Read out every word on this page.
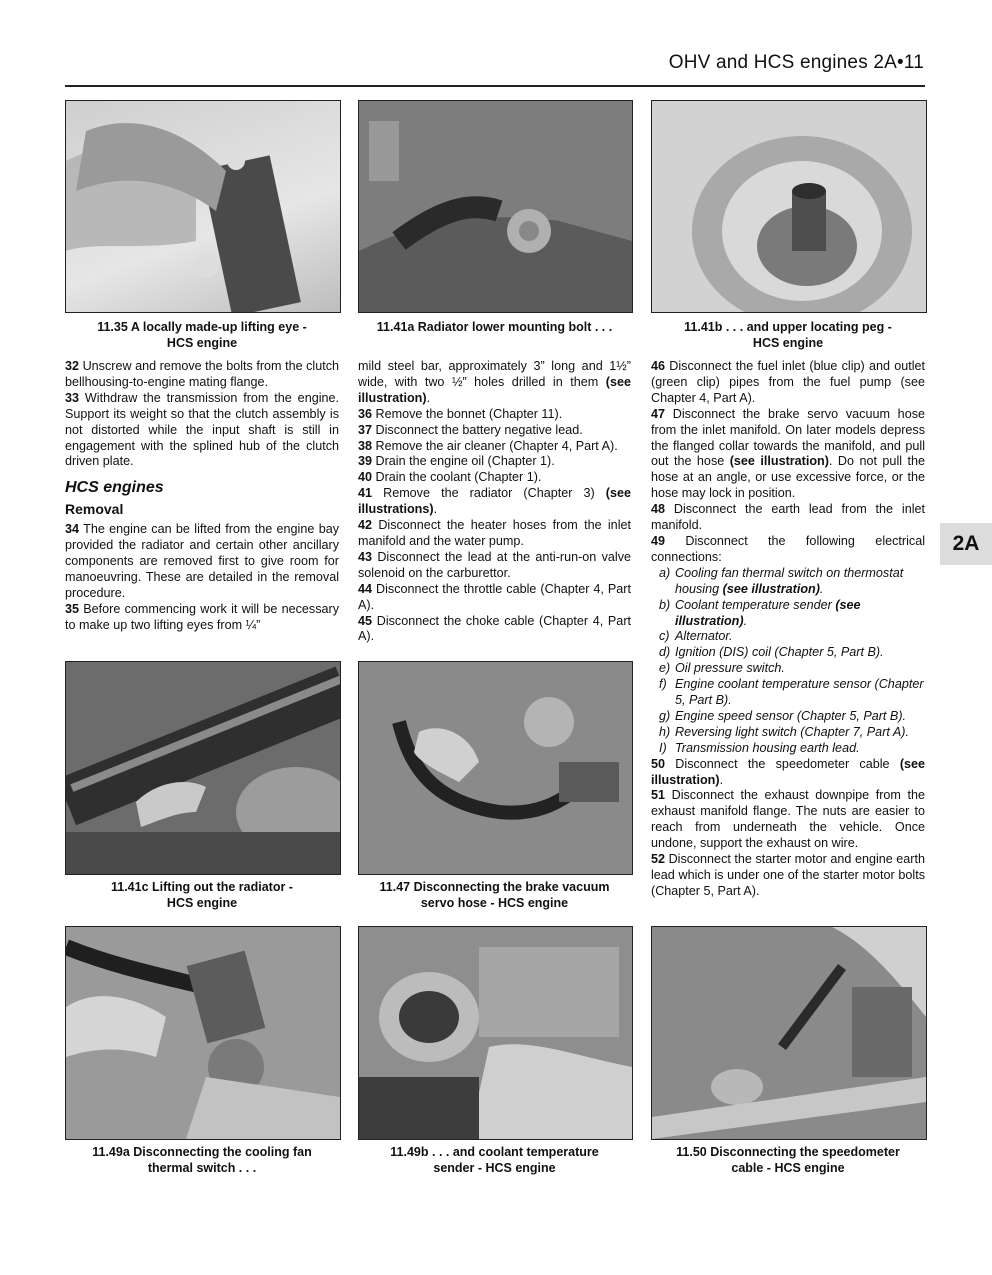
OHV and HCS engines 2A•11
2A
11.35 A locally made-up lifting eye -
HCS engine
11.41a Radiator lower mounting bolt . . .	11.41b . . . and upper locating peg -
HCS engine

32 Unscrew and remove the bolts from the clutch bellhousing-to-engine mating flange.

33 Withdraw the transmission from the engine. Support its weight so that the clutch assembly is not distorted while the input shaft is still in engagement with the splined hub of the clutch driven plate.

HCS engines
Removal

34 The engine can be lifted from the engine bay provided the radiator and certain other ancillary components are removed first to give room for manoeuvring. These are detailed in the removal procedure.

35 Before commencing work it will be necessary to make up two lifting eyes from ¼”

mild steel bar, approximately 3” long and 1½” wide, with two ½” holes drilled in them (see illustration).

36 Remove the bonnet (Chapter 11).

37 Disconnect the battery negative lead.

38 Remove the air cleaner (Chapter 4, Part A).

39 Drain the engine oil (Chapter 1).

40 Drain the coolant (Chapter 1).

41 Remove the radiator (Chapter 3) (see illustrations).

42 Disconnect the heater hoses from the inlet manifold and the water pump.

43 Disconnect the lead at the anti-run-on valve solenoid on the carburettor.

44 Disconnect the throttle cable (Chapter 4, Part A).

45 Disconnect the choke cable (Chapter 4, Part A).

46 Disconnect the fuel inlet (blue clip) and outlet (green clip) pipes from the fuel pump (see Chapter 4, Part A).

47 Disconnect the brake servo vacuum hose from the inlet manifold. On later models depress the flanged collar towards the manifold, and pull out the hose (see illustration). Do not pull the hose at an angle, or use excessive force, or the hose may lock in position.

48 Disconnect the earth lead from the inlet manifold.

49 Disconnect the following electrical connections:

a) Cooling fan thermal switch on thermostat housing (see illustration).
b) Coolant temperature sender (see illustration).
c) Alternator.
d) Ignition (DIS) coil (Chapter 5, Part B).
e) Oil pressure switch.
f) Engine coolant temperature sensor (Chapter 5, Part B).
g) Engine speed sensor (Chapter 5, Part B).
h) Reversing light switch (Chapter 7, Part A).
I) Transmission housing earth lead.

50 Disconnect the speedometer cable (see illustration).

51 Disconnect the exhaust downpipe from the exhaust manifold flange. The nuts are easier to reach from underneath the vehicle. Once undone, support the exhaust on wire.

52 Disconnect the starter motor and engine earth lead which is under one of the starter motor bolts (Chapter 5, Part A).

11.41c Lifting out the radiator -
HCS engine
11.47 Disconnecting the brake vacuum
servo hose - HCS engine
11.49a Disconnecting the cooling fan
thermal switch . . .
11.49b . . . and coolant temperature
sender - HCS engine
11.50 Disconnecting the speedometer
cable - HCS engine
